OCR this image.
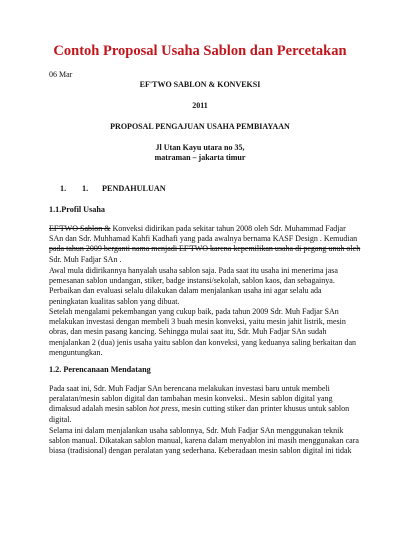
Contoh Proposal Usaha Sablon dan Percetakan
06 Mar
EF'TWO SABLON & KONVEKSI
2011
PROPOSAL PENGAJUAN USAHA PEMBIAYAAN
Jl Utan Kayu utara no 35,
matraman – jakarta timur
1. 1. PENDAHULUAN
1.1.Profil Usaha
EF'TWO Sablon & Konveksi didirikan pada sekitar tahun 2008 oleh Sdr. Muhammad Fadjar
SAn dan Sdr. Muhhamad Kahfi Kadhafi yang pada awalnya bernama KASF Design . Kemudian
pada tahun 2009 berganti nama menjadi EF'TWO karena kepemilikan usaha di pegang unuh oleh
Sdr. Muh Fadjar SAn .
Awal mula didirikannya hanyalah usaha sablon saja. Pada saat itu usaha ini menerima jasa
pemesanan sablon undangan, stiker, badge instansi/sekolah, sablon kaos, dan sebagainya.
Perbaikan dan evaluasi selalu dilakukan dalam menjalankan usaha ini agar selalu ada
peningkatan kualitas sablon yang dibuat.
Setelah mengalami pekembangan yang cukup baik, pada tahun 2009 Sdr. Muh Fadjar SAn
melakukan investasi dengan membeli 3 buah mesin konveksi, yaitu mesin jahit listrik, mesin
obras, dan mesin pasang kancing. Sehingga mulai saat itu, Sdr. Muh Fadjar SAn sudah
menjalankan 2 (dua) jenis usaha yaitu sablon dan konveksi, yang keduanya saling berkaitan dan
menguntungkan.
1.2. Perencanaan Mendatang
Pada saat ini, Sdr. Muh Fadjar SAn berencana melakukan investasi baru untuk membeli
peralatan/mesin sablon digital dan tambahan mesin konveksi.. Mesin sablon digital yang
dimaksud adalah mesin sablon hot press, mesin cutting stiker dan printer khusus untuk sablon
digital.
Selama ini dalam menjalankan usaha sablonnya, Sdr. Muh Fadjar SAn menggunakan teknik
sablon manual. Dikatakan sablon manual, karena dalam menyablon ini masih menggunakan cara
biasa (tradisional) dengan peralatan yang sederhana. Keberadaan mesin sablon digital ini tidak
